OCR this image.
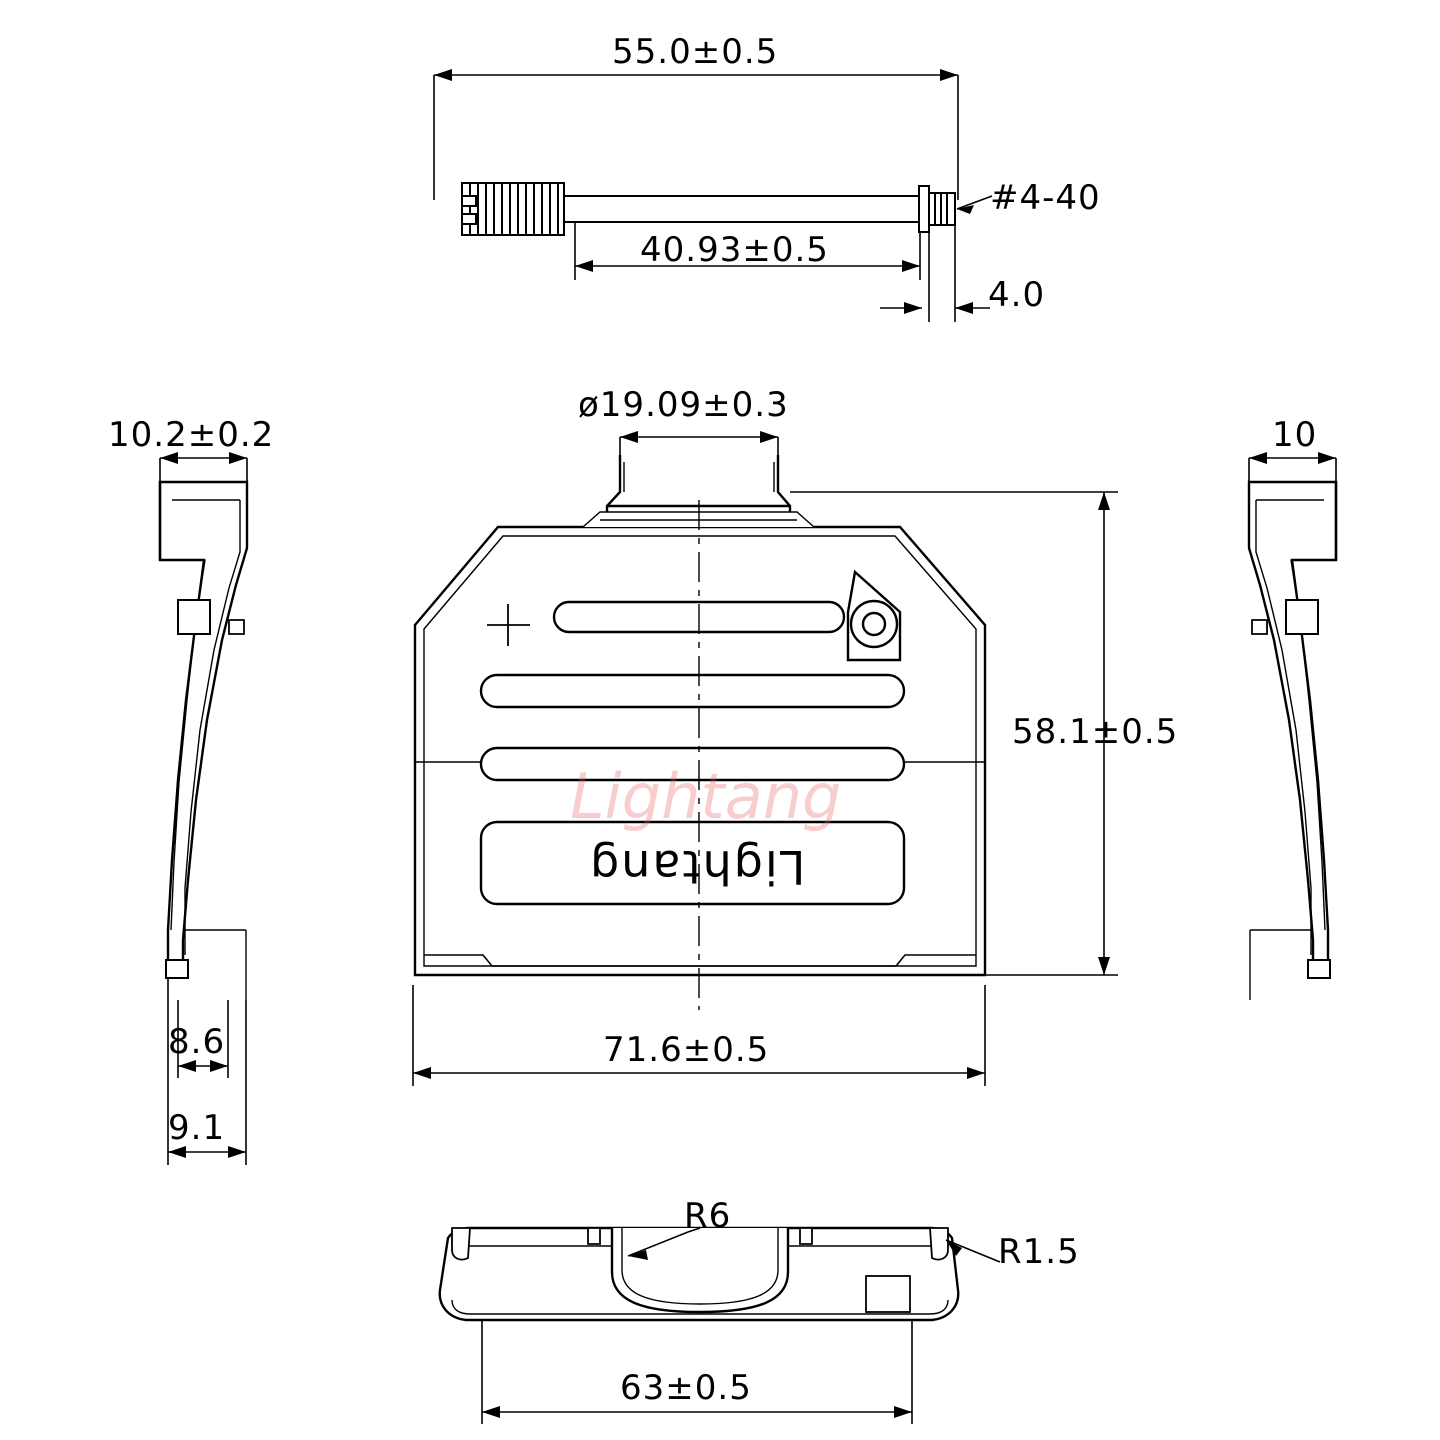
55.0±0.5
#4-40
40.93±0.5
4.0
ø19.09±0.3
58.1±0.5
71.6±0.5
10.2±0.2
8.6
9.1
10
R6
R1.5
63±0.5
Lightang
Lightang
